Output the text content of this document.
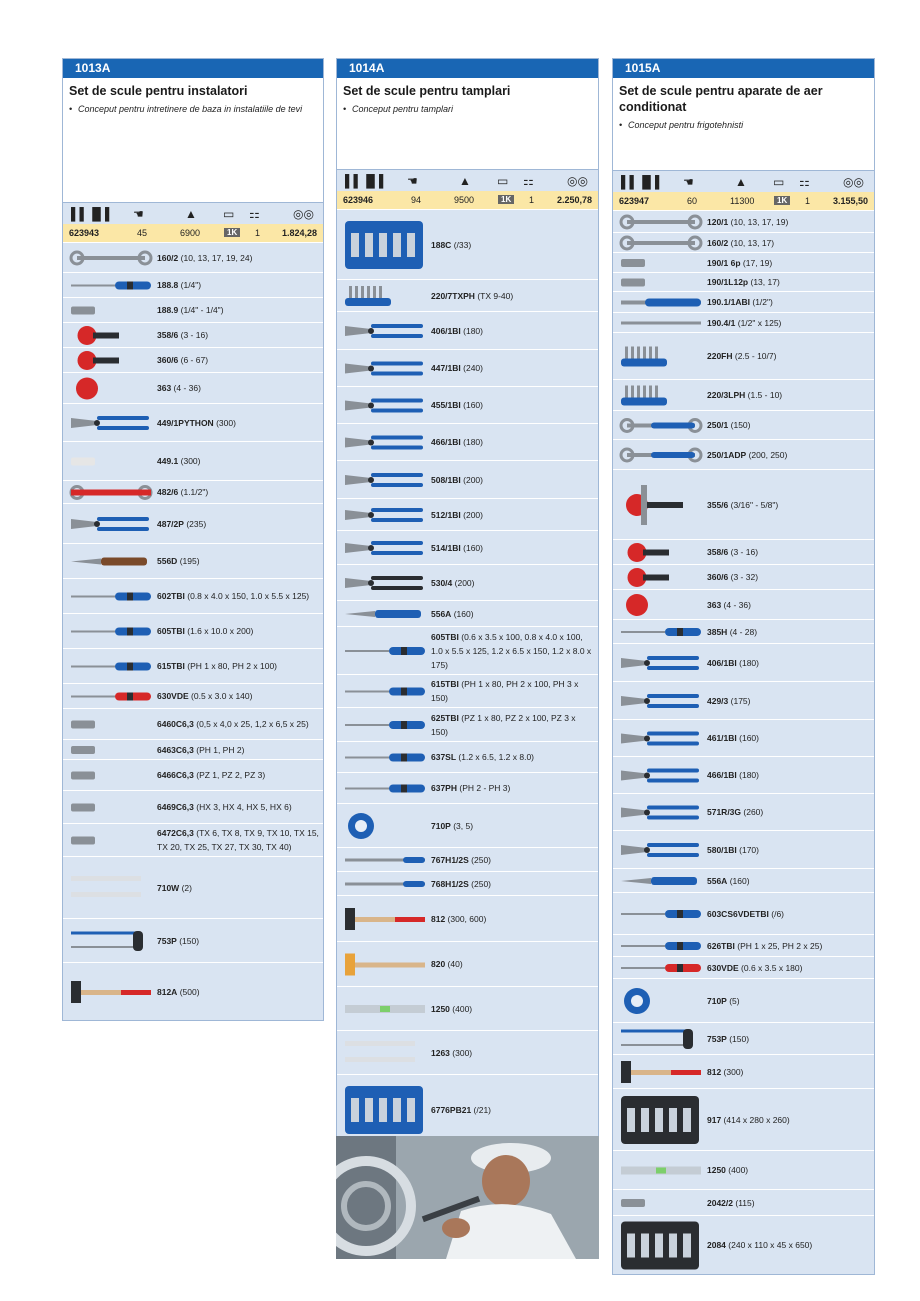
1013A
Set de scule pentru instalatori
• Conceput pentru intretinere de baza in instalatiile de tevi
▌▌▐▌▌ ☚	▲ ▭ ⚏	◎◎
623943	45	6900	1K	1 1.824,28
160/2 (10, 13, 17, 19, 24)
188.8 (1/4")
188.9 (1/4" - 1/4")
358/6 (3 - 16)
360/6 (6 - 67)
363 (4 - 36)
449/1PYTHON (300)
449.1 (300)
482/6 (1.1/2")
487/2P (235)
556D (195)
602TBI (0.8 x 4.0 x 150, 1.0 x 5.5 x 125)
605TBI (1.6 x 10.0 x 200)
615TBI (PH 1 x 80, PH 2 x 100)
630VDE (0.5 x 3.0 x 140)
6460C6,3 (0,5 x 4,0 x 25, 1,2 x 6,5 x 25)
6463C6,3 (PH 1, PH 2)
6466C6,3 (PZ 1, PZ 2, PZ 3)
6469C6,3 (HX 3, HX 4, HX 5, HX 6)
6472C6,3 (TX 6, TX 8, TX 9, TX 10, TX 15, TX 20, TX 25, TX 27, TX 30, TX 40)
710W (2)
753P (150)
812A (500)
1014A
Set de scule pentru tamplari
• Conceput pentru tamplari
▌▌▐▌▌ ☚	▲ ▭ ⚏	◎◎
623946	94	9500	1K	1	2.250,78
188C (/33)
220/7TXPH (TX 9-40)
406/1BI (180)
447/1BI (240)
455/1BI (160)
466/1BI (180)
508/1BI (200)
512/1BI (200)
514/1BI (160)
530/4 (200)
556A (160)
605TBI (0.6 x 3.5 x 100, 0.8 x 4.0 x 100, 1.0 x 5.5 x 125, 1.2 x 6.5 x 150, 1.2 x 8.0 x 175)
615TBI (PH 1 x 80, PH 2 x 100, PH 3 x 150)
625TBI (PZ 1 x 80, PZ 2 x 100, PZ 3 x 150)
637SL (1.2 x 6.5, 1.2 x 8.0)
637PH (PH 2 - PH 3)
710P (3, 5)
767H1/2S (250)
768H1/2S (250)
812 (300, 600)
820 (40)
1250 (400)
1263 (300)
6776PB21 (/21)
1015A
Set de scule pentru aparate de aer conditionat
• Conceput pentru frigotehnisti
▌▌▐▌▌ ☚	▲ ▭ ⚏	◎◎
623947	60	11300	1K	1	3.155,50
120/1 (10, 13, 17, 19)
160/2 (10, 13, 17)
190/1 6p (17, 19)
190/1L12p (13, 17)
190.1/1ABI (1/2")
190.4/1 (1/2" x 125)
220FH (2.5 - 10/7)
220/3LPH (1.5 - 10)
250/1 (150)
250/1ADP (200, 250)
355/6 (3/16" - 5/8")
358/6 (3 - 16)
360/6 (3 - 32)
363 (4 - 36)
385H (4 - 28)
406/1BI (180)
429/3 (175)
461/1BI (160)
466/1BI (180)
571R/3G (260)
580/1BI (170)
556A (160)
603CS6VDETBI (/6)
626TBI (PH 1 x 25, PH 2 x 25)
630VDE (0.6 x 3.5 x 180)
710P (5)
753P (150)
812 (300)
917 (414 x 280 x 260)
1250 (400)
2042/2 (115)
2084 (240 x 110 x 45 x 650)
